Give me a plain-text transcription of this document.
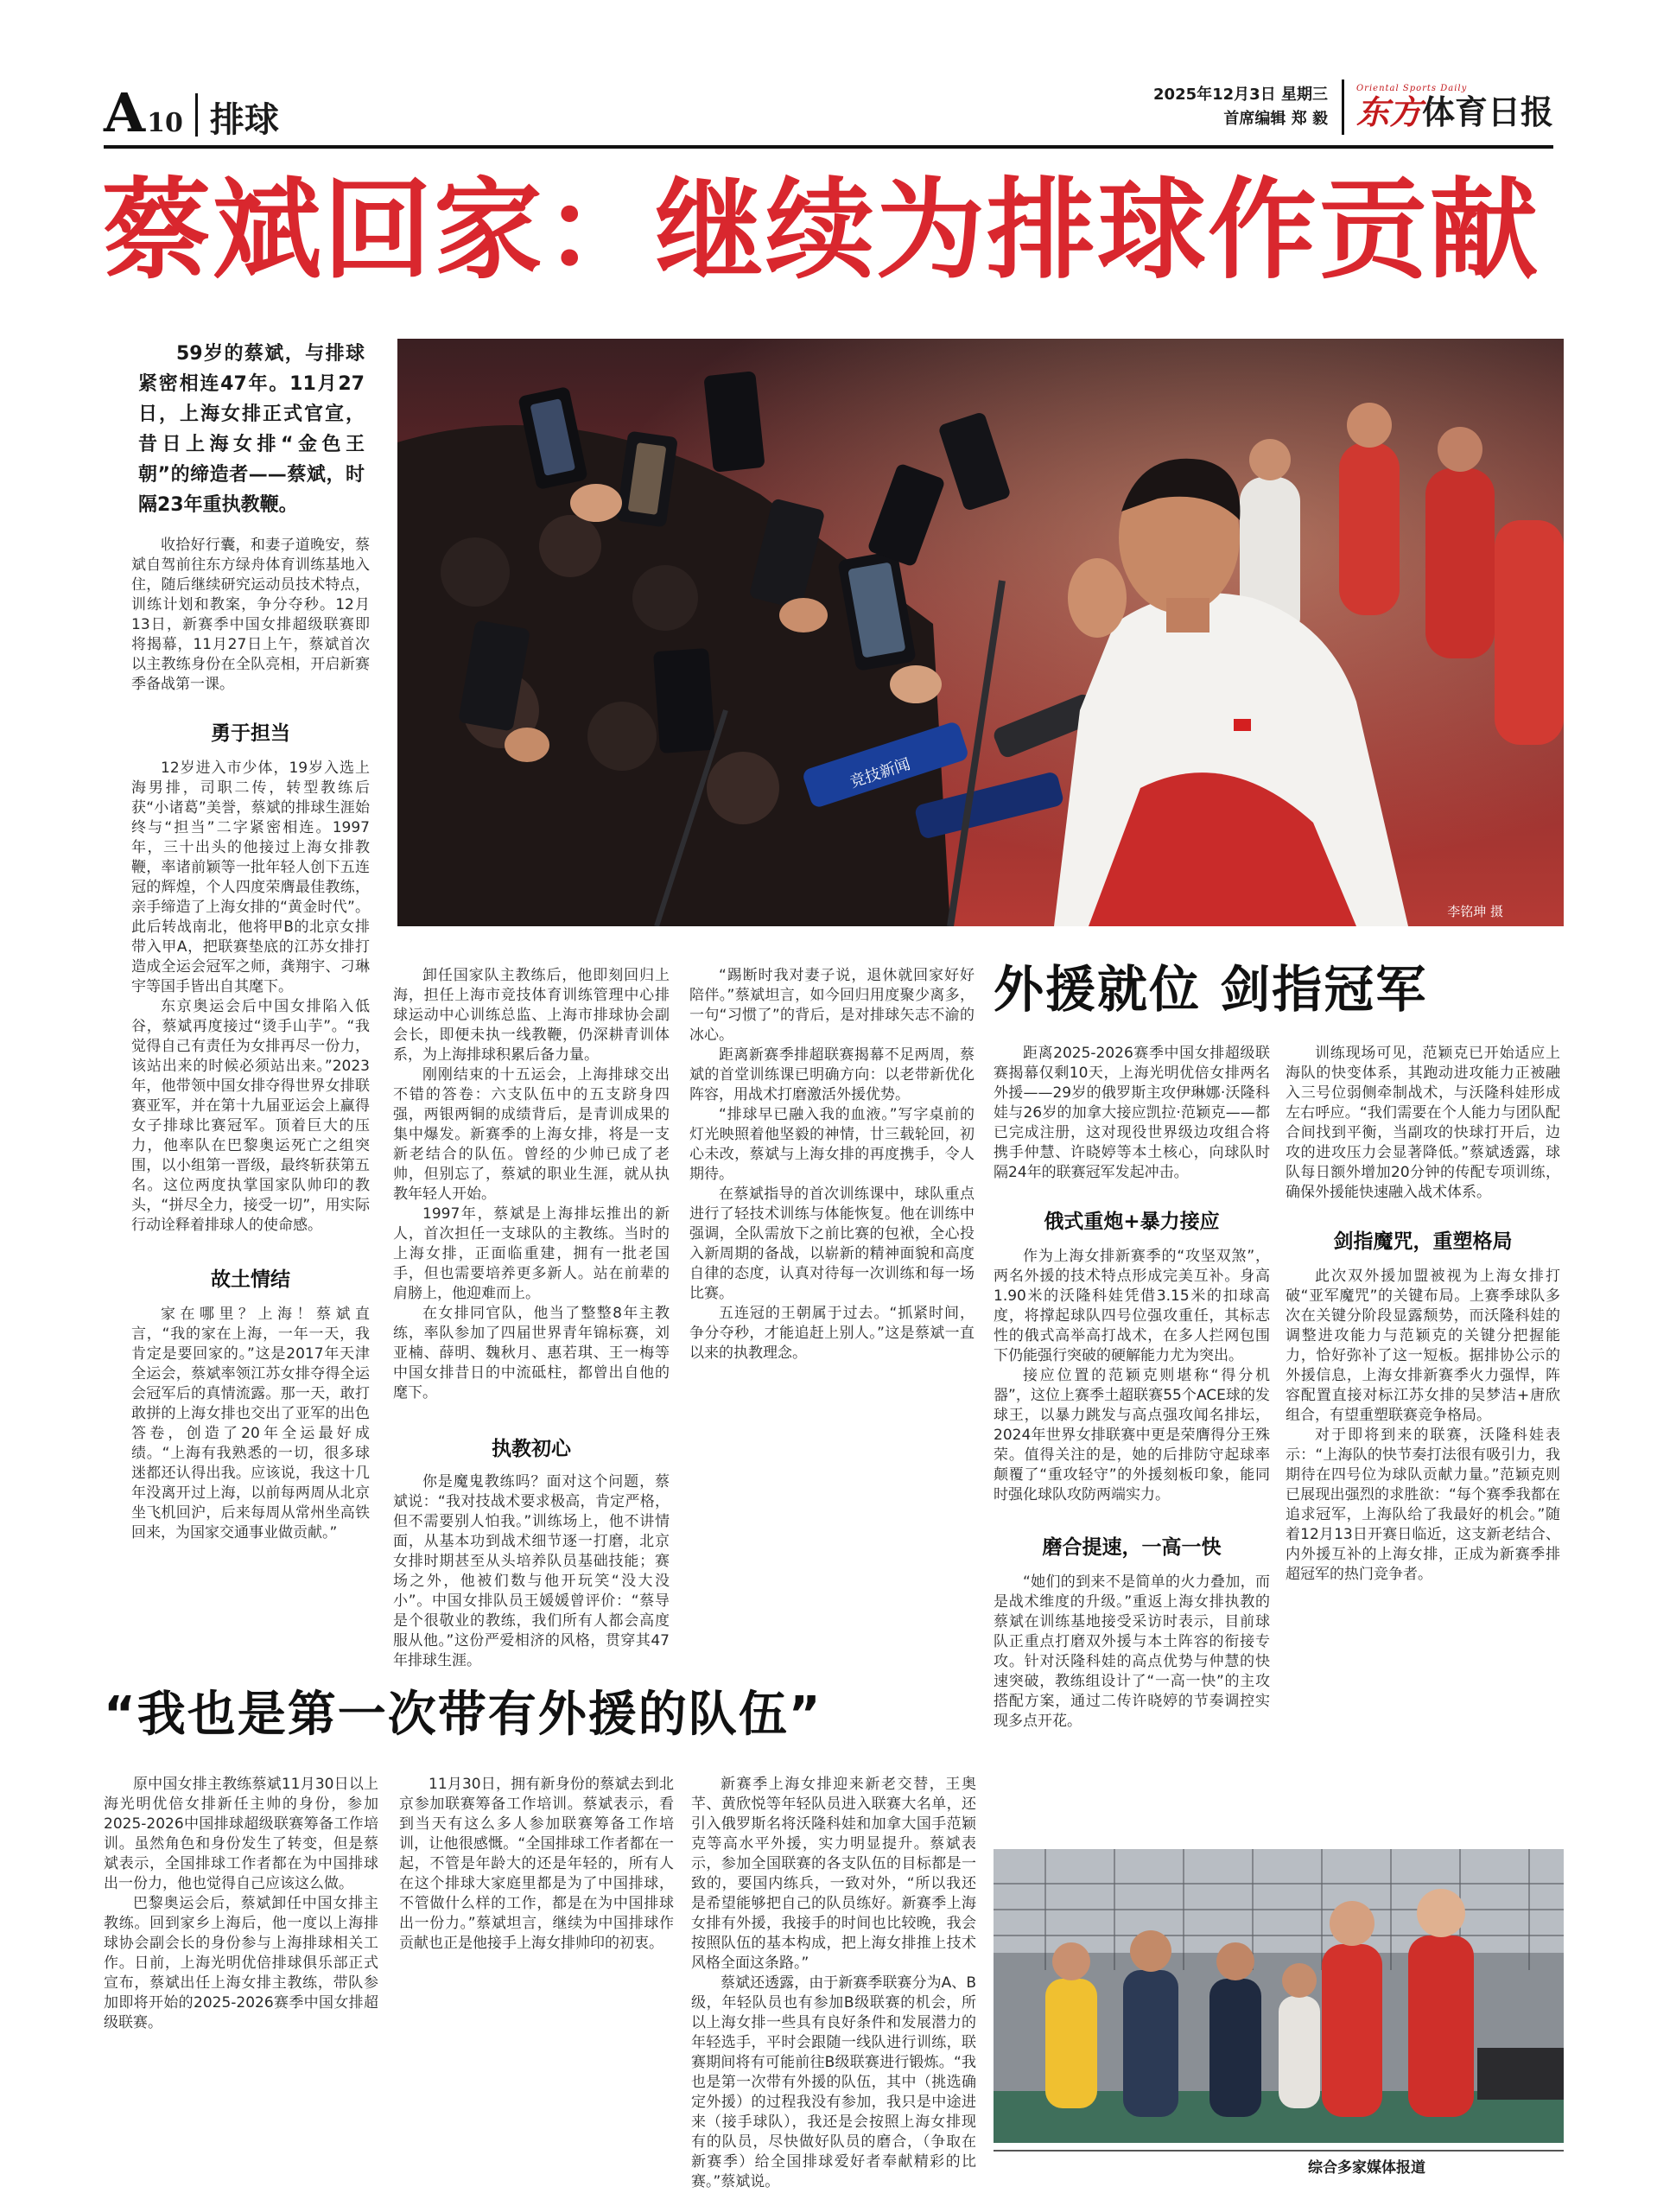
A 10 排球
2025年12月3日 星期三
首席编辑 郑 毅
Oriental Sports Daily
东方体育日报
蔡斌回家：继续为排球作贡献
59岁的蔡斌，与排球紧密相连47年。11月27日，上海女排正式官宣，昔日上海女排“金色王朝”的缔造者——蔡斌，时隔23年重执教鞭。
竞技新闻
李铭珅 摄

收拾好行囊，和妻子道晚安，蔡斌自驾前往东方绿舟体育训练基地入住，随后继续研究运动员技术特点，训练计划和教案，争分夺秒。12月13日，新赛季中国女排超级联赛即将揭幕，11月27日上午，蔡斌首次以主教练身份在全队亮相，开启新赛季备战第一课。

勇于担当

12岁进入市少体，19岁入选上海男排，司职二传，转型教练后获“小诸葛”美誉，蔡斌的排球生涯始终与“担当”二字紧密相连。1997年，三十出头的他接过上海女排教鞭，率诸前颖等一批年轻人创下五连冠的辉煌，个人四度荣膺最佳教练，亲手缔造了上海女排的“黄金时代”。此后转战南北，他将甲B的北京女排带入甲A，把联赛垫底的江苏女排打造成全运会冠军之师，龚翔宇、刁琳宇等国手皆出自其麾下。

东京奥运会后中国女排陷入低谷，蔡斌再度接过“烫手山芋”。“我觉得自己有责任为女排再尽一份力，该站出来的时候必须站出来。”2023年，他带领中国女排夺得世界女排联赛亚军，并在第十九届亚运会上赢得女子排球比赛冠军。顶着巨大的压力，他率队在巴黎奥运死亡之组突围，以小组第一晋级，最终斩获第五名。这位两度执掌国家队帅印的教头，“拼尽全力，接受一切”，用实际行动诠释着排球人的使命感。

故土情结

家在哪里？上海！蔡斌直言，“我的家在上海，一年一天，我肯定是要回家的。”这是2017年天津全运会，蔡斌率领江苏女排夺得全运会冠军后的真情流露。那一天，敢打敢拼的上海女排也交出了亚军的出色答卷，创造了20年全运最好成绩。“上海有我熟悉的一切，很多球迷都还认得出我。应该说，我这十几年没离开过上海，以前每两周从北京坐飞机回沪，后来每周从常州坐高铁回来，为国家交通事业做贡献。”

卸任国家队主教练后，他即刻回归上海，担任上海市竞技体育训练管理中心排球运动中心训练总监、上海市排球协会副会长，即便未执一线教鞭，仍深耕青训体系，为上海排球积累后备力量。

刚刚结束的十五运会，上海排球交出不错的答卷：六支队伍中的五支跻身四强，两银两铜的成绩背后，是青训成果的集中爆发。新赛季的上海女排，将是一支新老结合的队伍。曾经的少帅已成了老帅，但别忘了，蔡斌的职业生涯，就从执教年轻人开始。

1997年，蔡斌是上海排坛推出的新人，首次担任一支球队的主教练。当时的上海女排，正面临重建，拥有一批老国手，但也需要培养更多新人。站在前辈的肩膀上，他迎难而上。

在女排同官队，他当了整整8年主教练，率队参加了四届世界青年锦标赛，刘亚楠、薛明、魏秋月、惠若琪、王一梅等中国女排昔日的中流砥柱，都曾出自他的麾下。

执教初心

你是魔鬼教练吗？面对这个问题，蔡斌说：“我对技战术要求极高，肯定严格，但不需要别人怕我。”训练场上，他不讲情面，从基本功到战术细节逐一打磨，北京女排时期甚至从头培养队员基础技能；赛场之外，他被们数与他开玩笑“没大没小”。中国女排队员王媛媛曾评价：“蔡导是个很敬业的教练，我们所有人都会高度服从他。”这份严爱相济的风格，贯穿其47年排球生涯。

“踢断时我对妻子说，退休就回家好好陪伴。”蔡斌坦言，如今回归用度聚少离多，一句“习惯了”的背后，是对排球矢志不渝的冰心。

距离新赛季排超联赛揭幕不足两周，蔡斌的首堂训练课已明确方向：以老带新优化阵容，用战术打磨激活外援优势。

“排球早已融入我的血液。”写字桌前的灯光映照着他坚毅的神情，廿三载轮回，初心未改，蔡斌与上海女排的再度携手，令人期待。

在蔡斌指导的首次训练课中，球队重点进行了轻技术训练与体能恢复。他在训练中强调，全队需放下之前比赛的包袱，全心投入新周期的备战，以崭新的精神面貌和高度自律的态度，认真对待每一次训练和每一场比赛。

五连冠的王朝属于过去。“抓紧时间，争分夺秒，才能追赶上别人。”这是蔡斌一直以来的执教理念。

外援就位 剑指冠军

距离2025-2026赛季中国女排超级联赛揭幕仅剩10天，上海光明优倍女排两名外援——29岁的俄罗斯主攻伊琳娜·沃隆科娃与26岁的加拿大接应凯拉·范颖克——都已完成注册，这对现役世界级边攻组合将携手仲慧、许晓婷等本土核心，向球队时隔24年的联赛冠军发起冲击。

俄式重炮+暴力接应

作为上海女排新赛季的“攻坚双煞”，两名外援的技术特点形成完美互补。身高1.90米的沃隆科娃凭借3.15米的扣球高度，将撑起球队四号位强攻重任，其标志性的俄式高举高打战术，在多人拦网包围下仍能强行突破的硬解能力尤为突出。

接应位置的范颖克则堪称“得分机器”，这位上赛季土超联赛55个ACE球的发球王，以暴力跳发与高点强攻闻名排坛，2024年世界女排联赛中更是荣膺得分王殊荣。值得关注的是，她的后排防守起球率颠覆了“重攻轻守”的外援刻板印象，能同时强化球队攻防两端实力。

磨合提速，一高一快

“她们的到来不是简单的火力叠加，而是战术维度的升级。”重返上海女排执教的蔡斌在训练基地接受采访时表示，目前球队正重点打磨双外援与本土阵容的衔接专攻。针对沃隆科娃的高点优势与仲慧的快速突破，教练组设计了“一高一快”的主攻搭配方案，通过二传许晓婷的节奏调控实现多点开花。

训练现场可见，范颖克已开始适应上海队的快变体系，其跑动进攻能力正被融入三号位弱侧牵制战术，与沃隆科娃形成左右呼应。“我们需要在个人能力与团队配合间找到平衡，当副攻的快球打开后，边攻的进攻压力会显著降低。”蔡斌透露，球队每日额外增加20分钟的传配专项训练，确保外援能快速融入战术体系。

剑指魔咒，重塑格局

此次双外援加盟被视为上海女排打破“亚军魔咒”的关键布局。上赛季球队多次在关键分阶段显露颓势，而沃隆科娃的调整进攻能力与范颖克的关键分把握能力，恰好弥补了这一短板。据排协公示的外援信息，上海女排新赛季火力强悍，阵容配置直接对标江苏女排的吴梦洁+唐欣组合，有望重塑联赛竞争格局。

对于即将到来的联赛，沃隆科娃表示：“上海队的快节奏打法很有吸引力，我期待在四号位为球队贡献力量。”范颖克则已展现出强烈的求胜欲：“每个赛季我都在追求冠军，上海队给了我最好的机会。”随着12月13日开赛日临近，这支新老结合、内外援互补的上海女排，正成为新赛季排超冠军的热门竞争者。

“我也是第一次带有外援的队伍”

原中国女排主教练蔡斌11月30日以上海光明优倍女排新任主帅的身份，参加2025-2026中国排球超级联赛筹备工作培训。虽然角色和身份发生了转变，但是蔡斌表示，全国排球工作者都在为中国排球出一份力，他也觉得自己应该这么做。

巴黎奥运会后，蔡斌卸任中国女排主教练。回到家乡上海后，他一度以上海排球协会副会长的身份参与上海排球相关工作。日前，上海光明优倍排球俱乐部正式宣布，蔡斌出任上海女排主教练，带队参加即将开始的2025-2026赛季中国女排超级联赛。

11月30日，拥有新身份的蔡斌去到北京参加联赛筹备工作培训。蔡斌表示，看到当天有这么多人参加联赛筹备工作培训，让他很感慨。“全国排球工作者都在一起，不管是年龄大的还是年轻的，所有人在这个排球大家庭里都是为了中国排球，不管做什么样的工作，都是在为中国排球出一份力。”蔡斌坦言，继续为中国排球作贡献也正是他接手上海女排帅印的初衷。

新赛季上海女排迎来新老交替，王奥芊、黄欣悦等年轻队员进入联赛大名单，还引入俄罗斯名将沃隆科娃和加拿大国手范颖克等高水平外援，实力明显提升。蔡斌表示，参加全国联赛的各支队伍的目标都是一致的，要国内练兵，一致对外，“所以我还是希望能够把自己的队员练好。新赛季上海女排有外援，我接手的时间也比较晚，我会按照队伍的基本构成，把上海女排推上技术风格全面这条路。”

蔡斌还透露，由于新赛季联赛分为A、B级，年轻队员也有参加B级联赛的机会，所以上海女排一些具有良好条件和发展潜力的年轻选手，平时会跟随一线队进行训练，联赛期间将有可能前往B级联赛进行锻炼。“我也是第一次带有外援的队伍，其中（挑选确定外援）的过程我没有参加，我只是中途进来（接手球队），我还是会按照上海女排现有的队员，尽快做好队员的磨合，（争取在新赛季）给全国排球爱好者奉献精彩的比赛。”蔡斌说。

综合多家媒体报道
